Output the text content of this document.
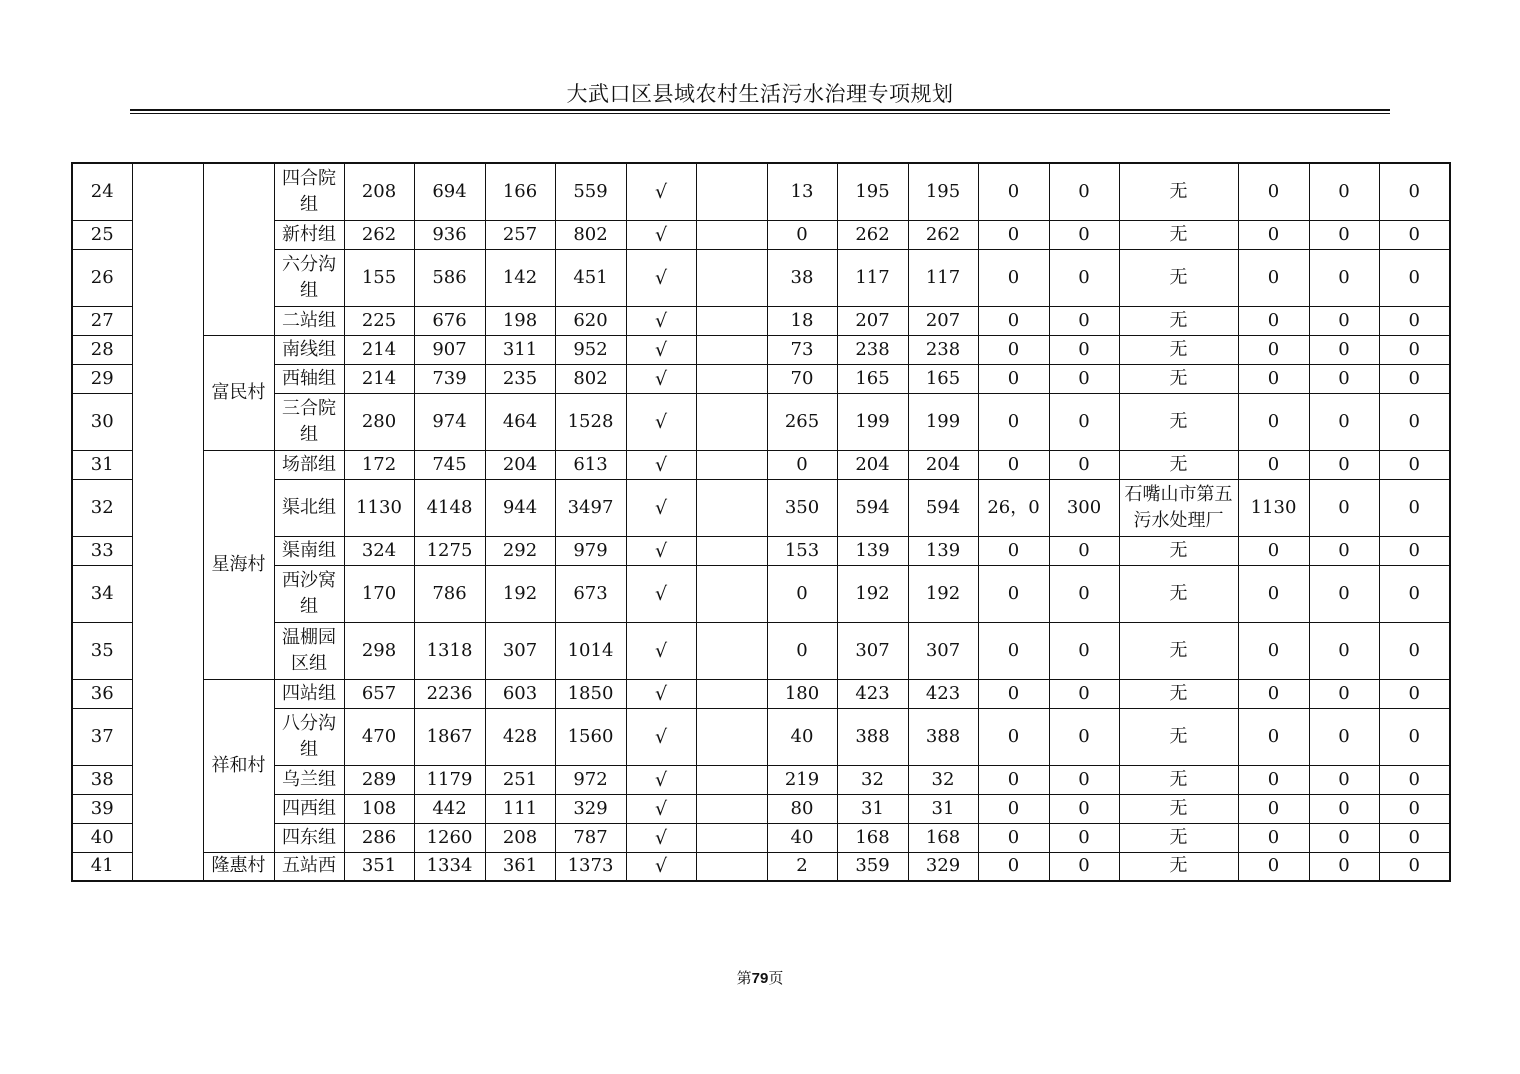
大武口区县域农村生活污水治理专项规划
24			四合院组	208	694	166	559	√		13	195	195	0	0	无	0	0	0
25			新村组	262	936	257	802	√		0	262	262	0	0	无	0	0	0
26			六分沟组	155	586	142	451	√		38	117	117	0	0	无	0	0	0
27			二站组	225	676	198	620	√		18	207	207	0	0	无	0	0	0
28		富民村	南线组	214	907	311	952	√		73	238	238	0	0	无	0	0	0
29			西轴组	214	739	235	802	√		70	165	165	0	0	无	0	0	0
30			三合院组	280	974	464	1528	√		265	199	199	0	0	无	0	0	0
31		星海村	场部组	172	745	204	613	√		0	204	204	0	0	无	0	0	0
32			渠北组	1130	4148	944	3497	√		350	594	594	26，0	300	石嘴山市第五污水处理厂	1130	0	0
33			渠南组	324	1275	292	979	√		153	139	139	0	0	无	0	0	0
34			西沙窝组	170	786	192	673	√		0	192	192	0	0	无	0	0	0
35			温棚园区组	298	1318	307	1014	√		0	307	307	0	0	无	0	0	0
36		祥和村	四站组	657	2236	603	1850	√		180	423	423	0	0	无	0	0	0
37			八分沟组	470	1867	428	1560	√		40	388	388	0	0	无	0	0	0
38			乌兰组	289	1179	251	972	√		219	32	32	0	0	无	0	0	0
39			四西组	108	442	111	329	√		80	31	31	0	0	无	0	0	0
40			四东组	286	1260	208	787	√		40	168	168	0	0	无	0	0	0
41		隆惠村	五站西	351	1334	361	1373	√		2	359	329	0	0	无	0	0	0
第79页
